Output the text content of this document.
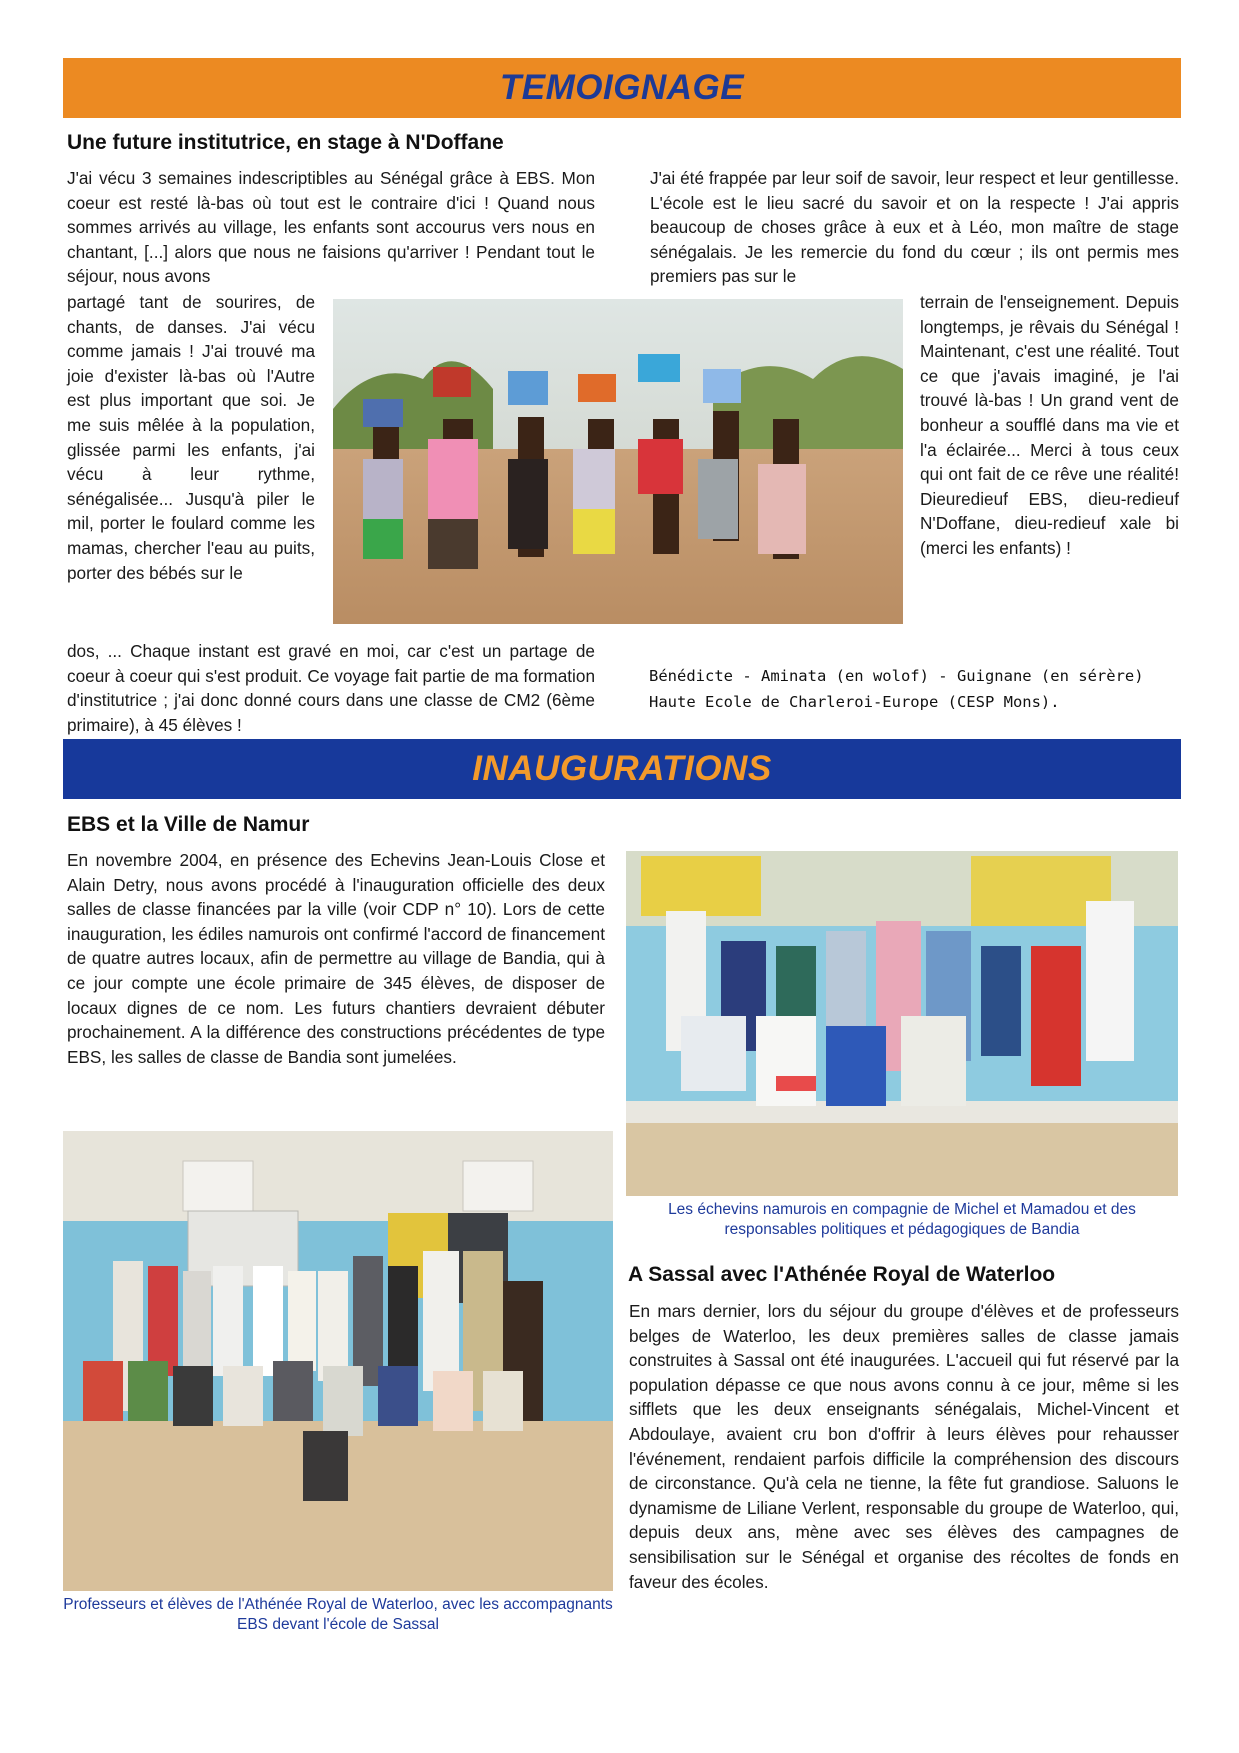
TEMOIGNAGE
Une future institutrice, en stage à N'Doffane

J'ai vécu 3 semaines indescriptibles au Sénégal grâce à EBS. Mon coeur est resté là-bas où tout est le contraire d'ici ! Quand nous sommes arrivés au village, les enfants sont accourus vers nous en chantant, [...] alors que nous ne faisions qu'arriver ! Pendant tout le séjour, nous avons

partagé tant de sourires, de chants, de danses. J'ai vécu comme jamais ! J'ai trouvé ma joie d'exister là-bas où l'Autre est plus important que soi. Je me suis mêlée à la population, glissée parmi les enfants, j'ai vécu à leur rythme, sénégalisée... Jusqu'à piler le mil, porter le foulard comme les mamas, chercher l'eau au puits, porter des bébés sur le

dos, ... Chaque instant est gravé en moi, car c'est un partage de coeur à coeur qui s'est produit. Ce voyage fait partie de ma formation d'institutrice ; j'ai donc donné cours dans une classe de CM2 (6ème primaire), à 45 élèves !

J'ai été frappée par leur soif de savoir, leur respect et leur gentillesse. L'école est le lieu sacré du savoir et on la respecte ! J'ai appris beaucoup de choses grâce à eux et à Léo, mon maître de stage sénégalais. Je les remercie du fond du cœur ; ils ont permis mes premiers pas sur le

terrain de l'enseignement. Depuis longtemps, je rêvais du Sénégal ! Maintenant, c'est une réalité. Tout ce que j'avais imaginé, je l'ai trouvé là-bas ! Un grand vent de bonheur a soufflé dans ma vie et l'a éclairée... Merci à tous ceux qui ont fait de ce rêve une réalité! Dieuredieuf EBS, dieu-redieuf N'Doffane, dieu-redieuf xale bi (merci les enfants) !

Bénédicte - Aminata (en wolof) - Guignane (en sérère)
Haute Ecole de Charleroi-Europe (CESP Mons).
INAUGURATIONS
EBS et la Ville de Namur

En novembre 2004, en présence des Echevins Jean-Louis Close et Alain Detry, nous avons procédé à l'inauguration officielle des deux salles de classe financées par la ville (voir CDP n° 10). Lors de cette inauguration, les édiles namurois ont confirmé l'accord de financement de quatre autres locaux, afin de permettre au village de Bandia, qui à ce jour compte une école primaire de 345 élèves, de disposer de locaux dignes de ce nom. Les futurs chantiers devraient débuter prochainement. A la différence des constructions précédentes de type EBS, les salles de classe de Bandia sont jumelées.

Les échevins namurois en compagnie de Michel et Mamadou et des responsables politiques et pédagogiques de Bandia
A Sassal avec l'Athénée Royal de Waterloo

En mars dernier, lors du séjour du groupe d'élèves et de professeurs belges de Waterloo, les deux premières salles de classe jamais construites à Sassal ont été inaugurées. L'accueil qui fut réservé par la population dépasse ce que nous avons connu à ce jour, même si les sifflets que les deux enseignants sénégalais, Michel-Vincent et Abdoulaye, avaient cru bon d'offrir à leurs élèves pour rehausser l'événement, rendaient parfois difficile la compréhension des discours de circonstance. Qu'à cela ne tienne, la fête fut grandiose. Saluons le dynamisme de Liliane Verlent, responsable du groupe de Waterloo, qui, depuis deux ans, mène avec ses élèves des campagnes de sensibilisation sur le Sénégal et organise des récoltes de fonds en faveur des écoles.

Professeurs et élèves de l'Athénée Royal de Waterloo, avec les accompagnants EBS devant l'école de Sassal
